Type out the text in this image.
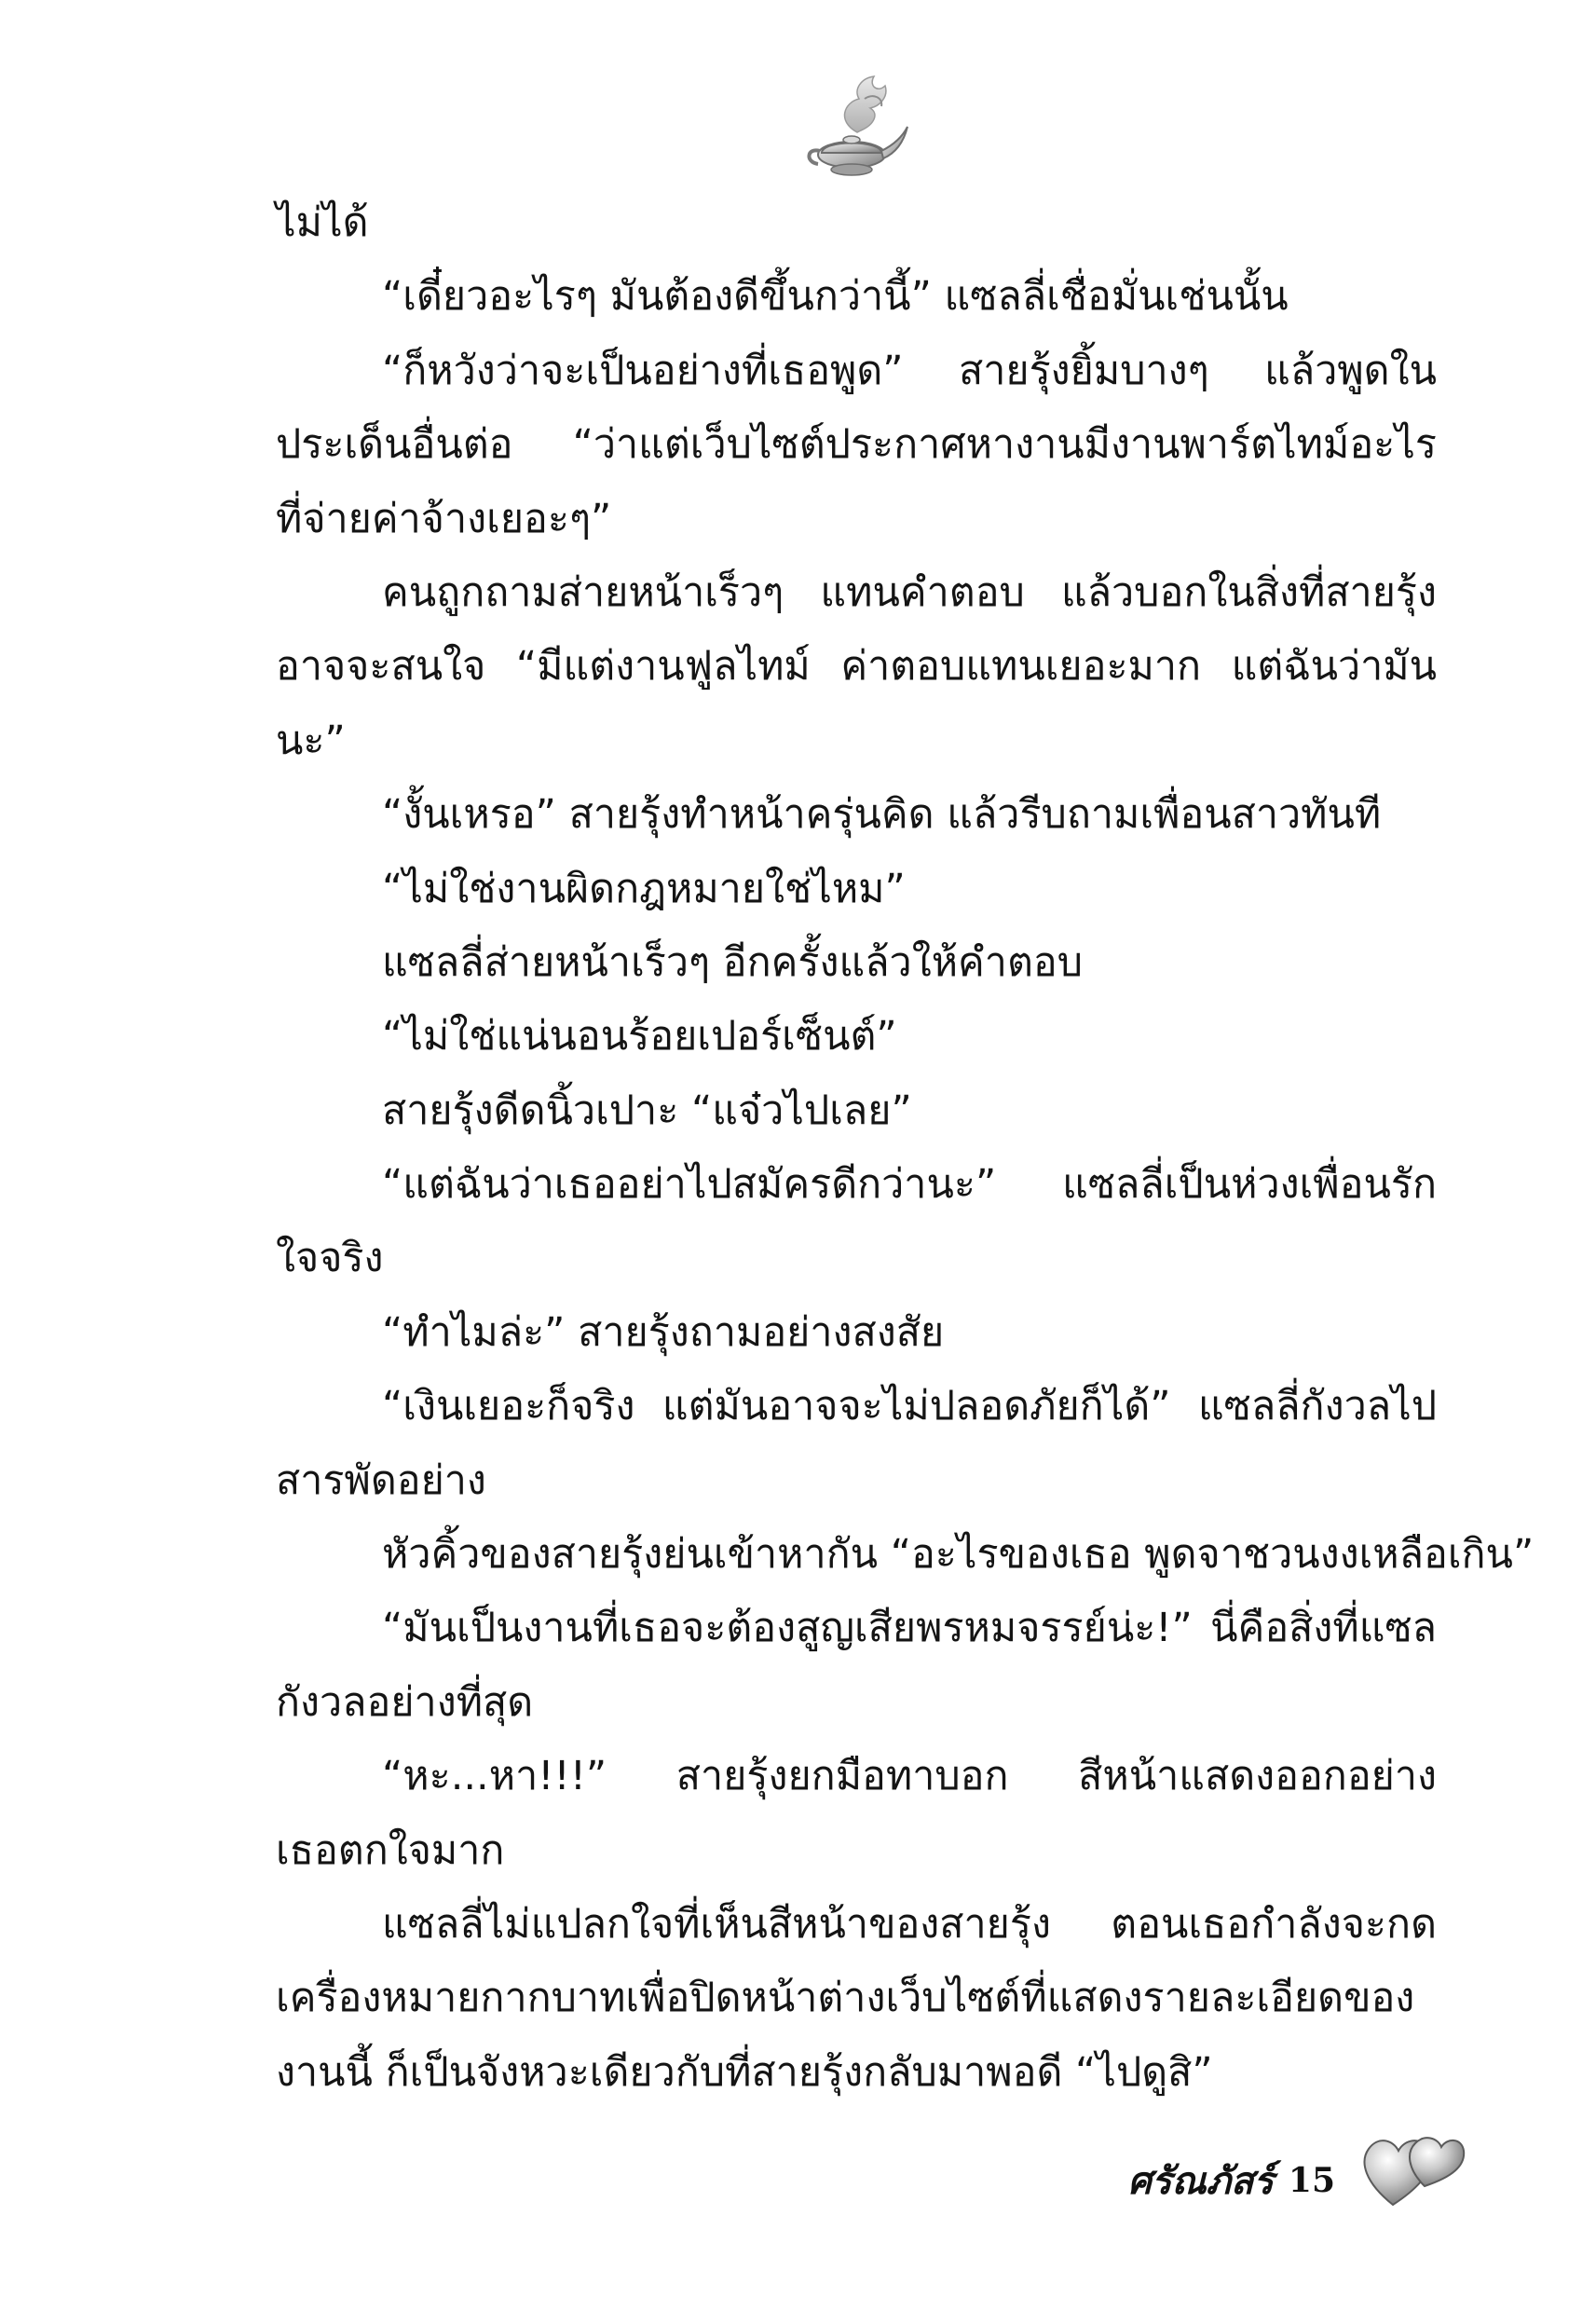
ไม่ได้
“เดี๋ยวอะไรๆ มันต้องดีขึ้นกว่านี้” แซลลี่เชื่อมั่นเช่นนั้น
“ก็หวังว่าจะเป็นอย่างที่เธอพูด” สายรุ้งยิ้มบางๆ แล้วพูดใน
ประเด็นอื่นต่อ “ว่าแต่เว็บไซต์ประกาศหางานมีงานพาร์ตไทม์อะไร
ที่จ่ายค่าจ้างเยอะๆ”
คนถูกถามส่ายหน้าเร็วๆ แทนคำตอบ แล้วบอกในสิ่งที่สายรุ้ง
อาจจะสนใจ “มีแต่งานฟูลไทม์ ค่าตอบแทนเยอะมาก แต่ฉันว่ามัน
นะ”
“งั้นเหรอ” สายรุ้งทำหน้าครุ่นคิด แล้วรีบถามเพื่อนสาวทันที
“ไม่ใช่งานผิดกฎหมายใช่ไหม”
แซลลี่ส่ายหน้าเร็วๆ อีกครั้งแล้วให้คำตอบ
“ไม่ใช่แน่นอนร้อยเปอร์เซ็นต์”
สายรุ้งดีดนิ้วเปาะ “แจ๋วไปเลย”
“แต่ฉันว่าเธออย่าไปสมัครดีกว่านะ” แซลลี่เป็นห่วงเพื่อนรัก
ใจจริง
“ทำไมล่ะ” สายรุ้งถามอย่างสงสัย
“เงินเยอะก็จริง แต่มันอาจจะไม่ปลอดภัยก็ได้” แซลลี่กังวลไป
สารพัดอย่าง
หัวคิ้วของสายรุ้งย่นเข้าหากัน “อะไรของเธอ พูดจาชวนงงเหลือเกิน”
“มันเป็นงานที่เธอจะต้องสูญเสียพรหมจรรย์น่ะ!” นี่คือสิ่งที่แซล
กังวลอย่างที่สุด
“หะ...หา!!!” สายรุ้งยกมือทาบอก สีหน้าแสดงออกอย่าง
เธอตกใจมาก
แซลลี่ไม่แปลกใจที่เห็นสีหน้าของสายรุ้ง ตอนเธอกำลังจะกด
เครื่องหมายกากบาทเพื่อปิดหน้าต่างเว็บไซต์ที่แสดงรายละเอียดของ
งานนี้ ก็เป็นจังหวะเดียวกับที่สายรุ้งกลับมาพอดี “ไปดูสิ”
ศรัณภัสร์ 15
